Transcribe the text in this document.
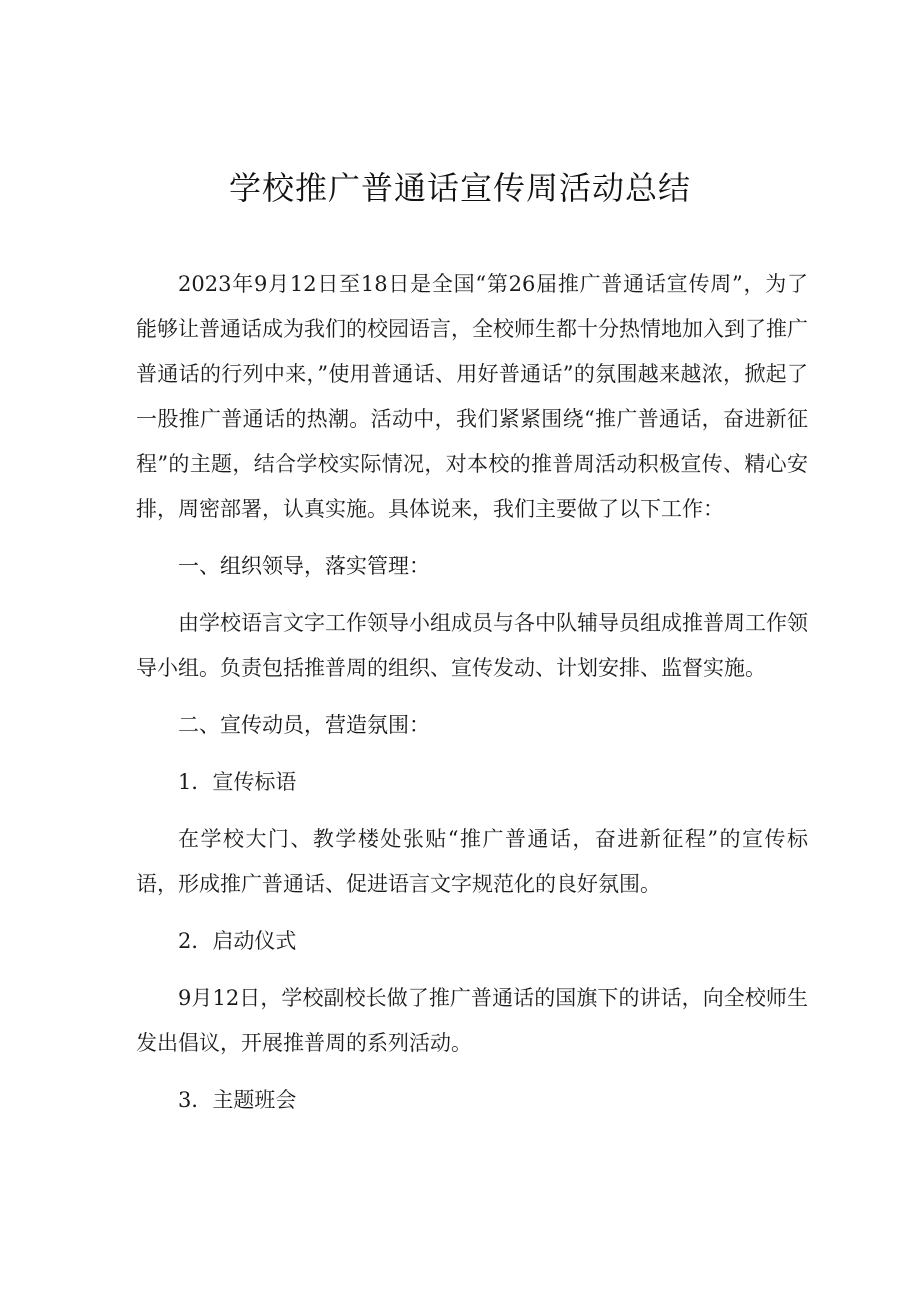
学校推广普通话宣传周活动总结

2023年9月12日至18日是全国“第26届推广普通话宣传周”，为了能够让普通话成为我们的校园语言，全校师生都十分热情地加入到了推广普通话的行列中来，”使用普通话、用好普通话”的氛围越来越浓，掀起了一股推广普通话的热潮。活动中，我们紧紧围绕“推广普通话，奋进新征程”的主题，结合学校实际情况，对本校的推普周活动积极宣传、精心安排，周密部署，认真实施。具体说来，我们主要做了以下工作：

一、组织领导，落实管理：

由学校语言文字工作领导小组成员与各中队辅导员组成推普周工作领导小组。负责包括推普周的组织、宣传发动、计划安排、监督实施。

二、宣传动员，营造氛围：

1．宣传标语

在学校大门、教学楼处张贴“推广普通话，奋进新征程”的宣传标语，形成推广普通话、促进语言文字规范化的良好氛围。

2．启动仪式

9月12日，学校副校长做了推广普通话的国旗下的讲话，向全校师生发出倡议，开展推普周的系列活动。

3．主题班会
